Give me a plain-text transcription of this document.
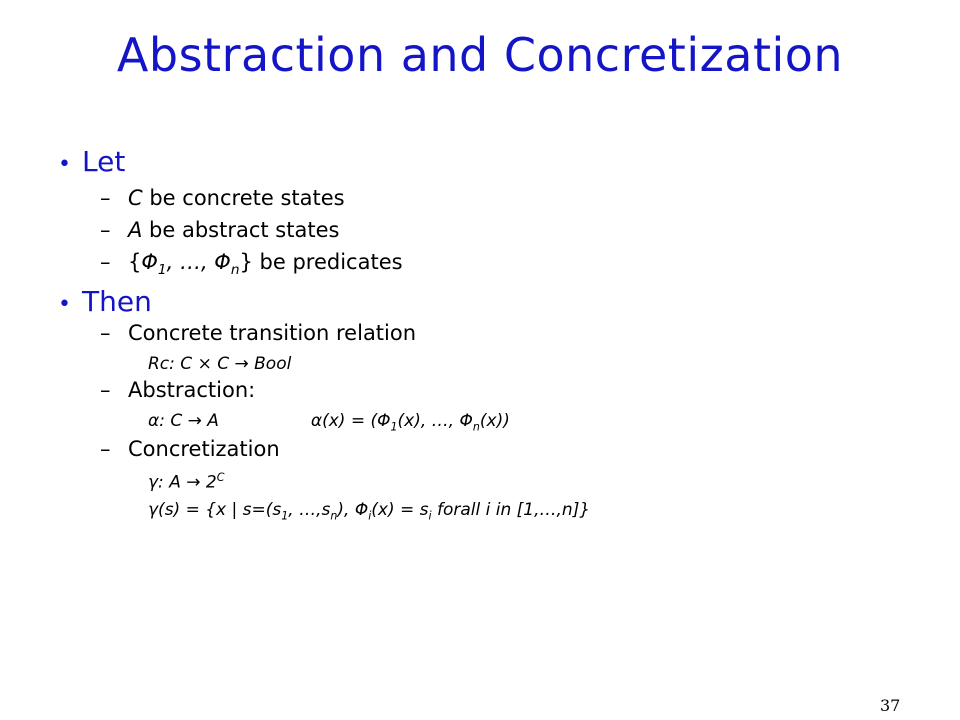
Abstraction and Concretization
• Let
– C be concrete states
– A be abstract states
– {$\Phi_1$, …, $\Phi_n$} be predicates
• Then
– Concrete transition relation
Rc: C × C → Bool
– Abstraction:
α: C → A	$\alpha(x) = (\Phi_1(x)$, …, $\Phi_n(x)$)
– Concretization
γ: $A \to 2^C$
γ(s) = {x | $s=(s_1$, $\dots,s_n$), $\Phi_i(x) = s_i$ forall i in [1,…,n]}
37
